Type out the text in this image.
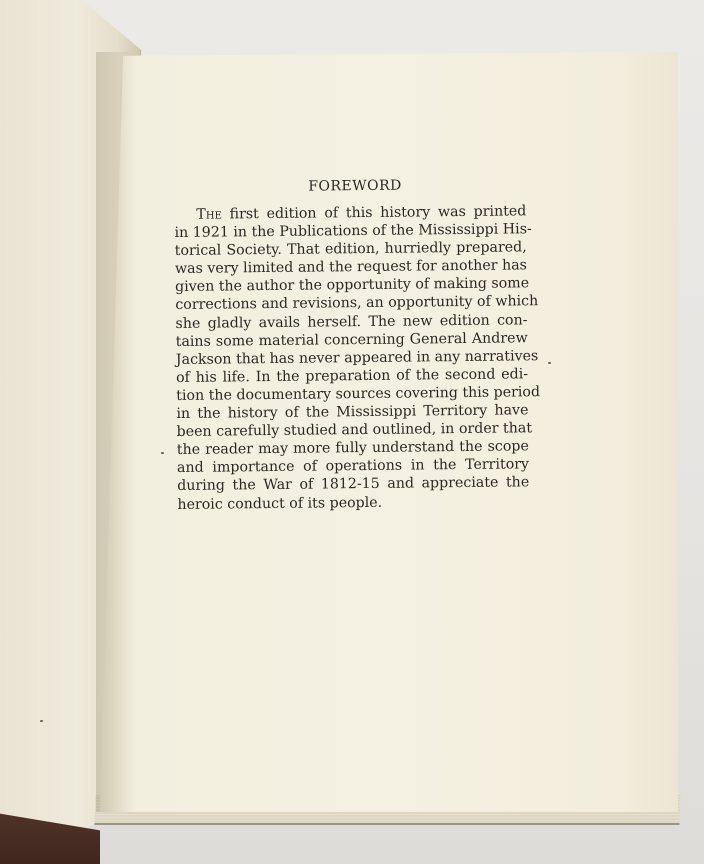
FOREWORD
The first edition of this history was printed
in 1921 in the Publications of the Mississippi His-
torical Society. That edition, hurriedly prepared,
was very limited and the request for another has
given the author the opportunity of making some
corrections and revisions, an opportunity of which
she gladly avails herself. The new edition con-
tains some material concerning General Andrew
Jackson that has never appeared in any narratives
of his life. In the preparation of the second edi-
tion the documentary sources covering this period
in the history of the Mississippi Territory have
been carefully studied and outlined, in order that
the reader may more fully understand the scope
and importance of operations in the Territory
during the War of 1812-15 and appreciate the
heroic conduct of its people.
